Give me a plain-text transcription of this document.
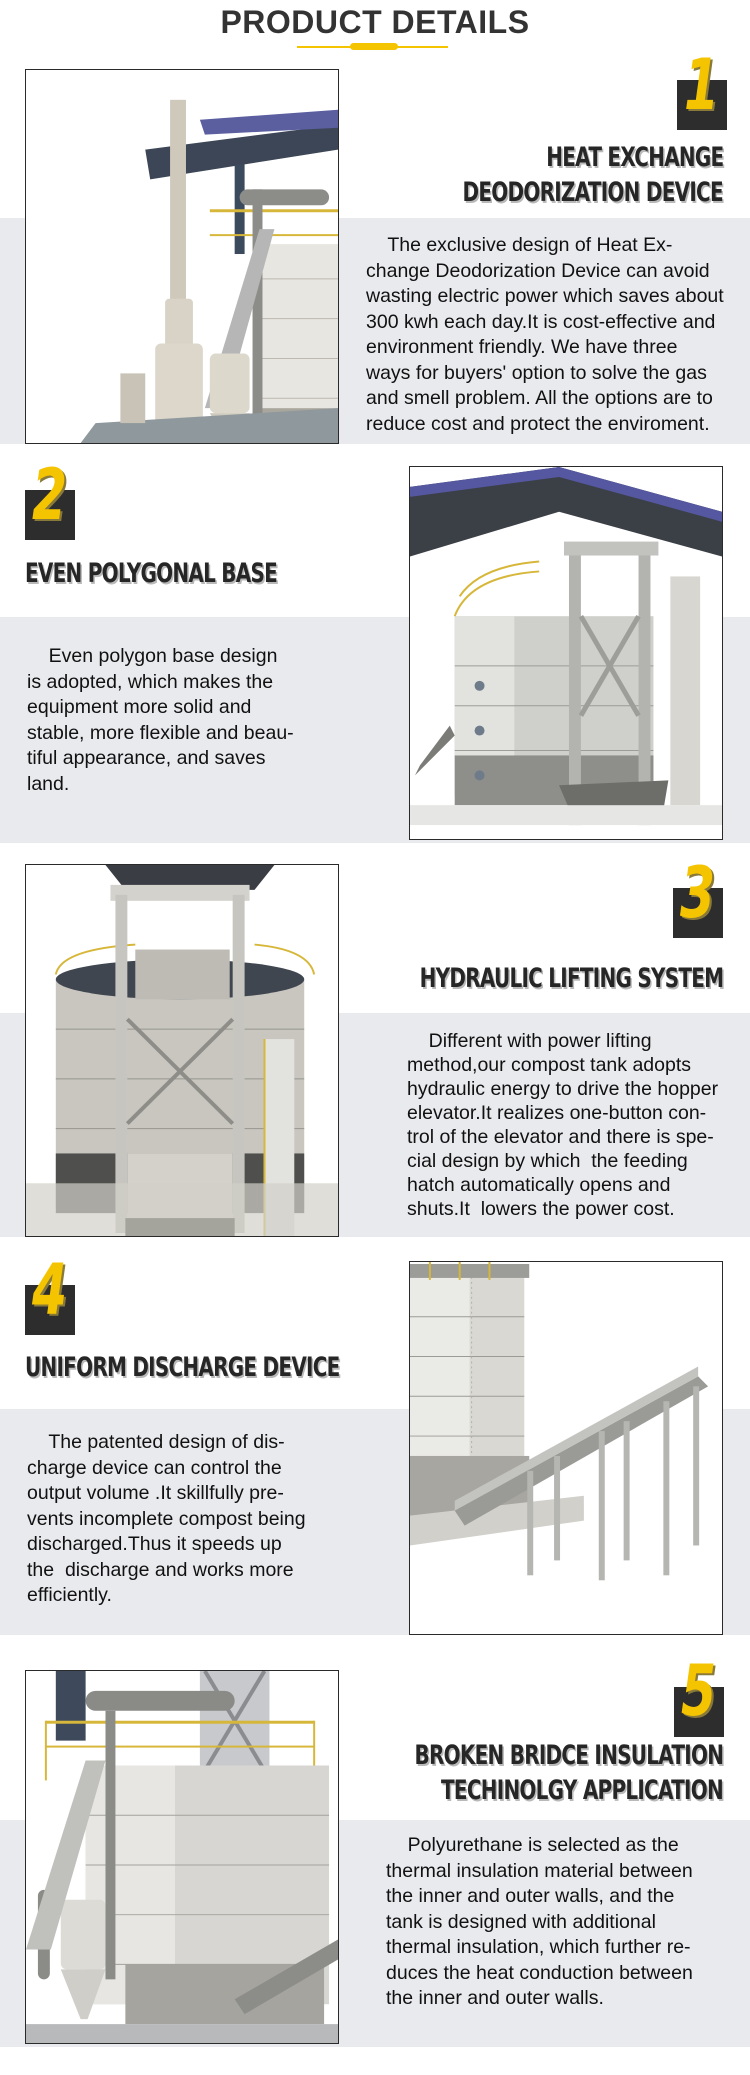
PRODUCT DETAILS
1
HEAT EXCHANGE
DEODORIZATION DEVICE
The exclusive design of Heat Ex-
change Deodorization Device can avoid
wasting electric power which saves about
300 kwh each day.It is cost-effective and
environment friendly. We have three
ways for buyers' option to solve the gas
and smell problem. All the options are to
reduce cost and protect the enviroment.
2
EVEN POLYGONAL BASE
Even polygon base design
is adopted, which makes the
equipment more solid and
stable, more flexible and beau-
tiful appearance, and saves
land.
3
HYDRAULIC LIFTING SYSTEM
Different with power lifting
method,our compost tank adopts
hydraulic energy to drive the hopper
elevator.It realizes one-button con-
trol of the elevator and there is spe-
cial design by which  the feeding
hatch automatically opens and
shuts.It  lowers the power cost.
4
UNIFORM DISCHARGE DEVICE
The patented design of dis-
charge device can control the
output volume .It skillfully pre-
vents incomplete compost being
discharged.Thus it speeds up
the  discharge and works more
efficiently.
5
BROKEN BRIDCE INSULATION
TECHINOLGY APPLICATION
Polyurethane is selected as the
thermal insulation material between
the inner and outer walls, and the
tank is designed with additional
thermal insulation, which further re-
duces the heat conduction between
the inner and outer walls.
